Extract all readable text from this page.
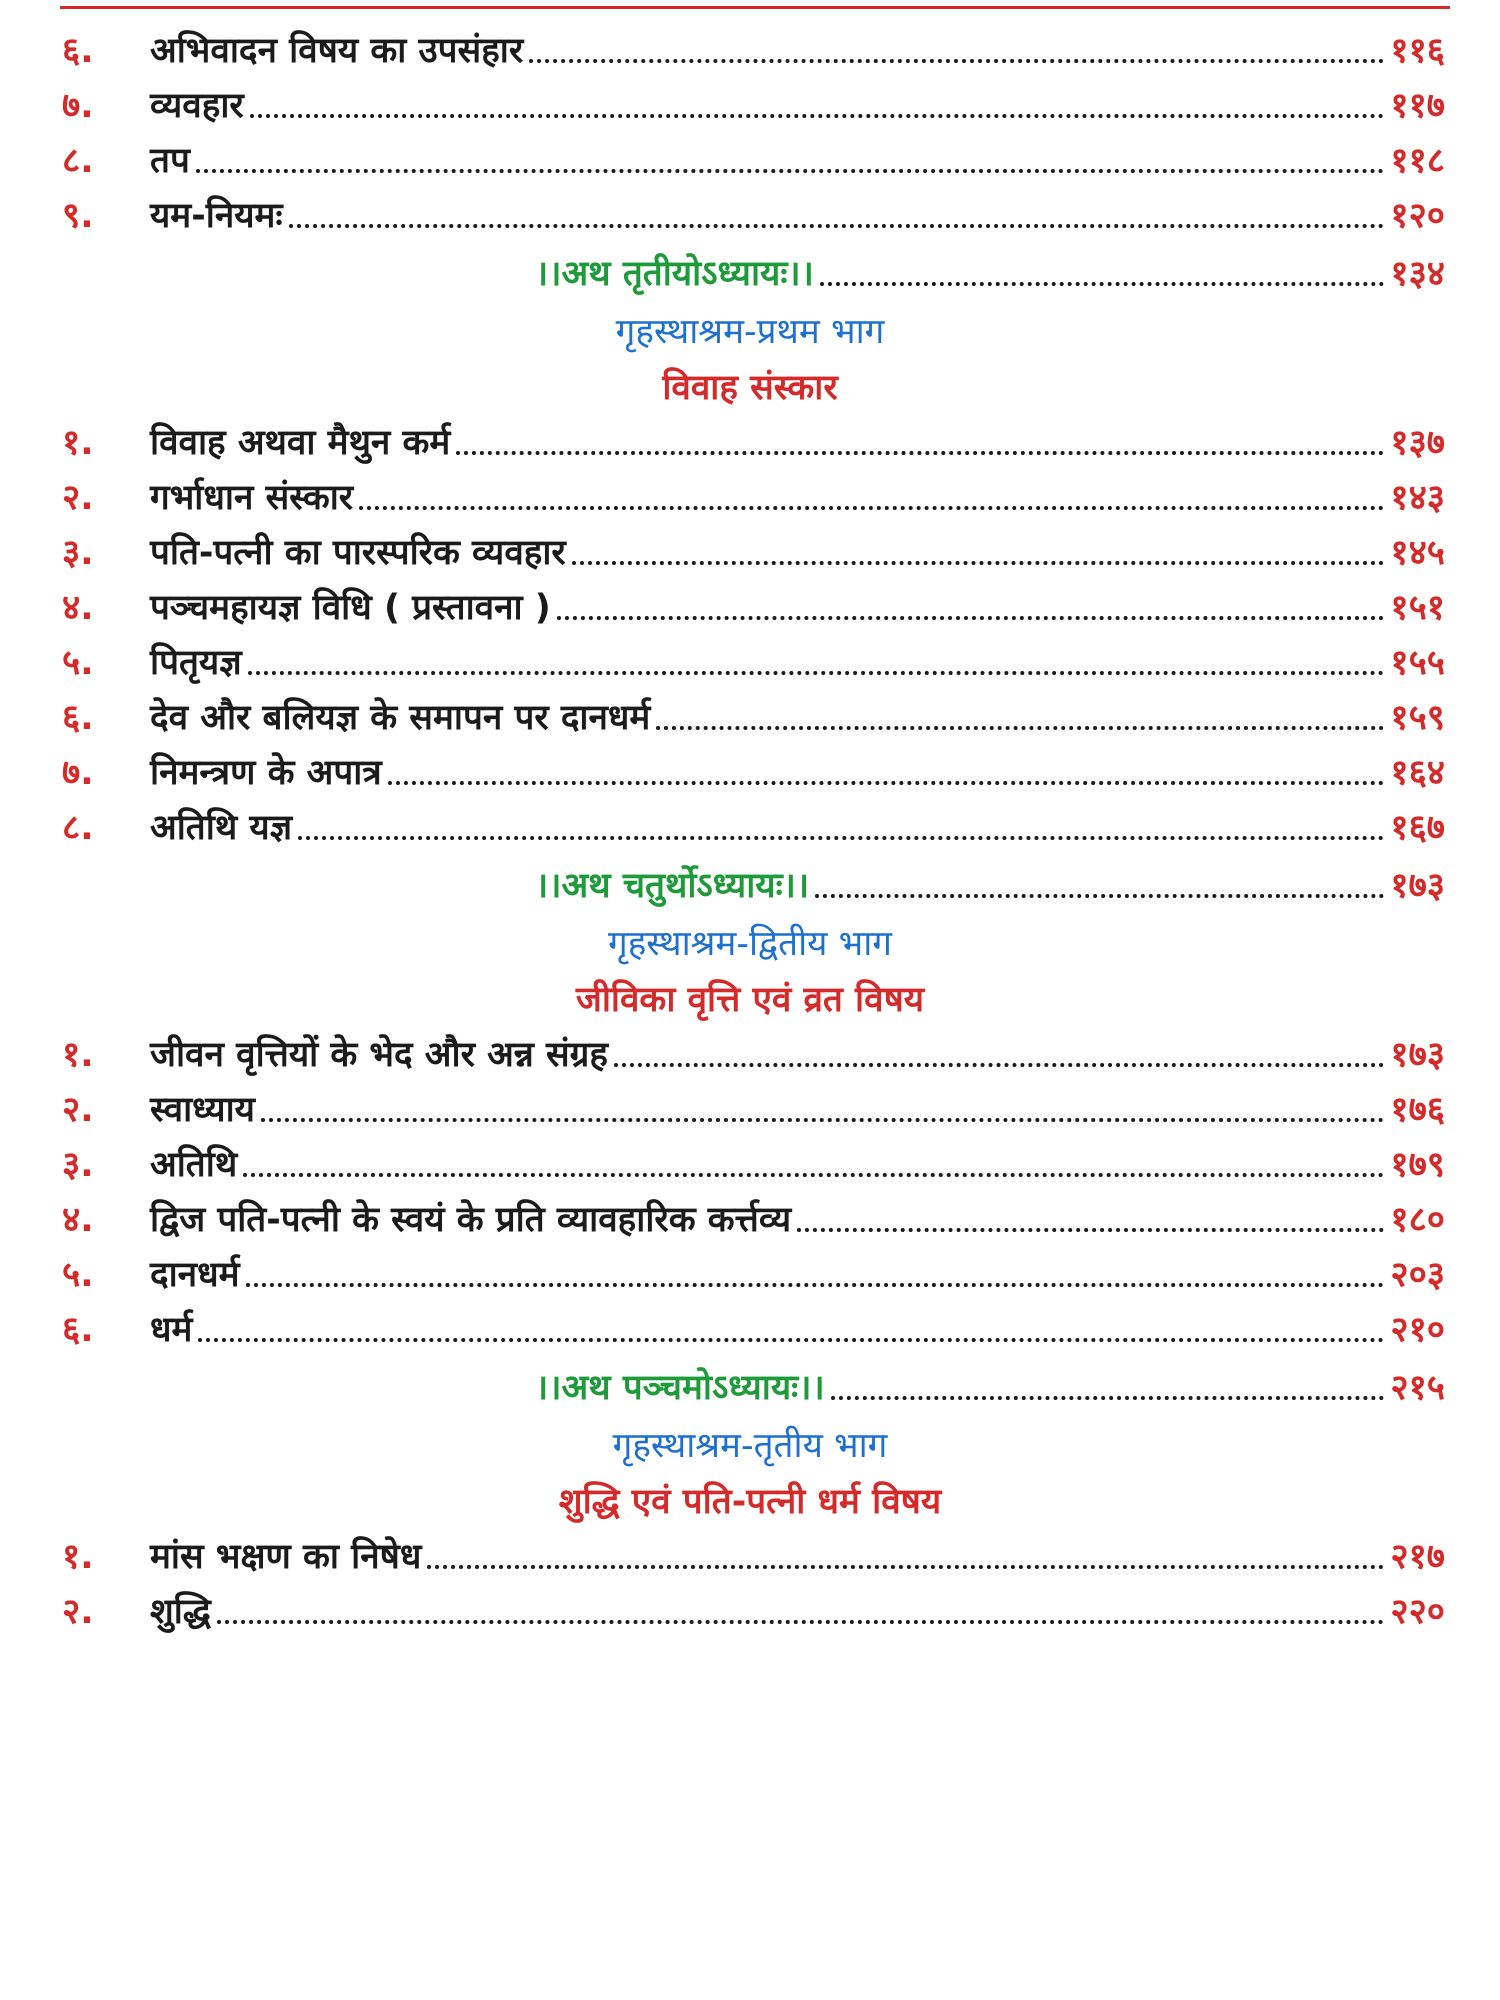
६.	अभिवादन विषय का उपसंहार	११६
७.	व्यवहार	११७
८.	तप	११८
९.	यम-नियमः	१२०
।।अथ तृतीयोऽध्यायः।।	१३४
गृहस्थाश्रम-प्रथम भाग
विवाह संस्कार
१.	विवाह अथवा मैथुन कर्म	१३७
२.	गर्भाधान संस्कार	१४३
३.	पति-पत्नी का पारस्परिक व्यवहार	१४५
४.	पञ्चमहायज्ञ विधि ( प्रस्तावना )	१५१
५.	पितृयज्ञ	१५५
६.	देव और बलियज्ञ के समापन पर दानधर्म	१५९
७.	निमन्त्रण के अपात्र	१६४
८.	अतिथि यज्ञ	१६७
।।अथ चतुर्थोऽध्यायः।।	१७३
गृहस्थाश्रम-द्वितीय भाग
जीविका वृत्ति एवं व्रत विषय
१.	जीवन वृत्तियों के भेद और अन्न संग्रह	१७३
२.	स्वाध्याय	१७६
३.	अतिथि	१७९
४.	द्विज पति-पत्नी के स्वयं के प्रति व्यावहारिक कर्त्तव्य	१८०
५.	दानधर्म	२०३
६.	धर्म	२१०
।।अथ पञ्चमोऽध्यायः।।	२१५
गृहस्थाश्रम-तृतीय भाग
शुद्धि एवं पति-पत्नी धर्म विषय
१.	मांस भक्षण का निषेध	२१७
२.	शुद्धि	२२०
